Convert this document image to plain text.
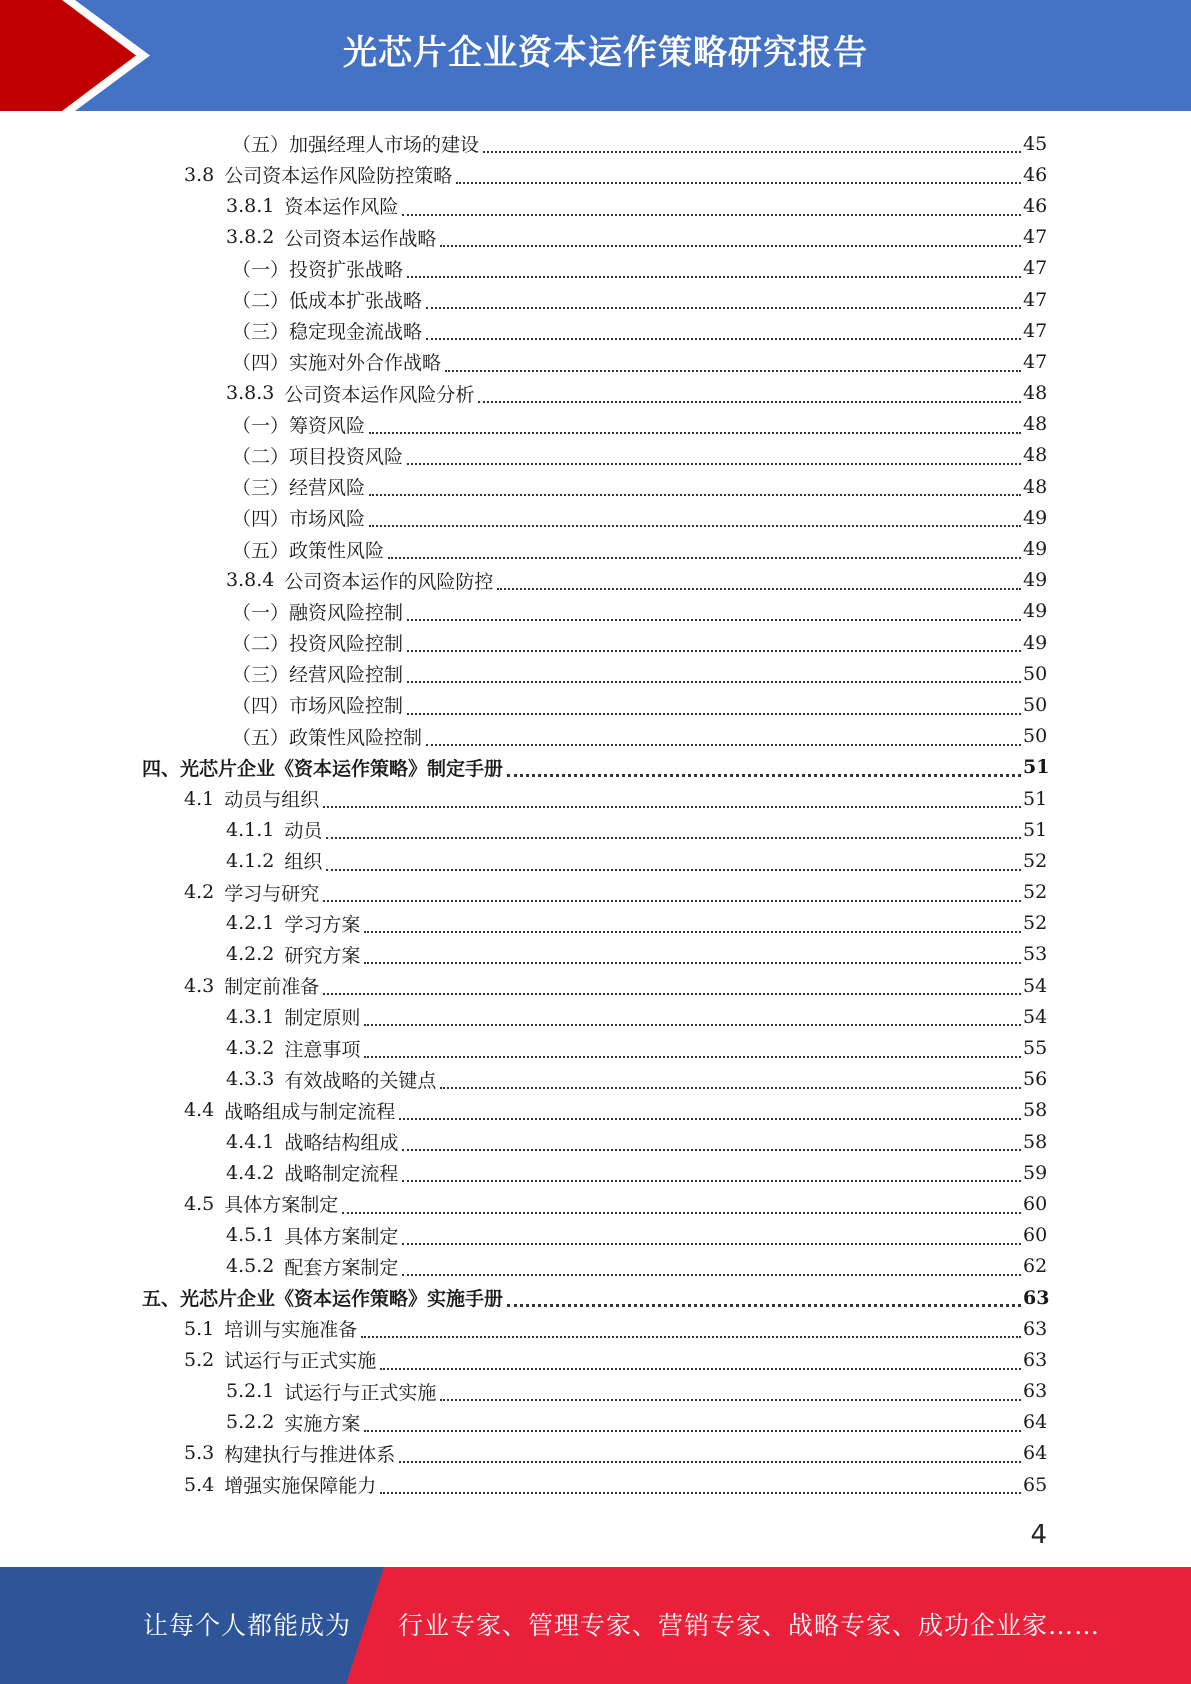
光芯片企业资本运作策略研究报告
（五）加强经理人市场的建设	45
3.8 公司资本运作风险防控策略	46
3.8.1 资本运作风险	46
3.8.2 公司资本运作战略	47
（一）投资扩张战略	47
（二）低成本扩张战略	47
（三）稳定现金流战略	47
（四）实施对外合作战略	47
3.8.3 公司资本运作风险分析	48
（一）筹资风险	48
（二）项目投资风险	48
（三）经营风险	48
（四）市场风险	49
（五）政策性风险	49
3.8.4 公司资本运作的风险防控	49
（一）融资风险控制	49
（二）投资风险控制	49
（三）经营风险控制	50
（四）市场风险控制	50
（五）政策性风险控制	50
四、光芯片企业《资本运作策略》制定手册	51
4.1 动员与组织	51
4.1.1 动员	51
4.1.2 组织	52
4.2 学习与研究	52
4.2.1 学习方案	52
4.2.2 研究方案	53
4.3 制定前准备	54
4.3.1 制定原则	54
4.3.2 注意事项	55
4.3.3 有效战略的关键点	56
4.4 战略组成与制定流程	58
4.4.1 战略结构组成	58
4.4.2 战略制定流程	59
4.5 具体方案制定	60
4.5.1 具体方案制定	60
4.5.2 配套方案制定	62
五、光芯片企业《资本运作策略》实施手册	63
5.1 培训与实施准备	63
5.2 试运行与正式实施	63
5.2.1 试运行与正式实施	63
5.2.2 实施方案	64
5.3 构建执行与推进体系	64
5.4 增强实施保障能力	65
4
让每个人都能成为 行业专家、管理专家、营销专家、战略专家、成功企业家……
